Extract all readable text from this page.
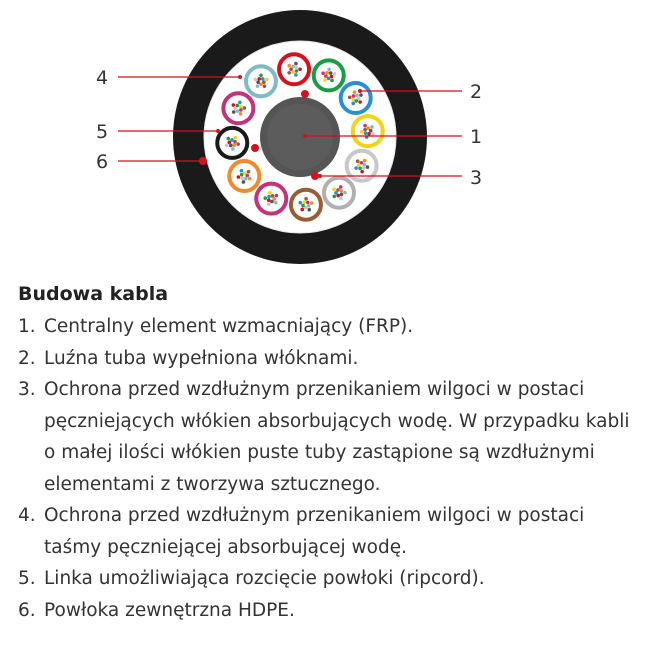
4
5
6
2
1
3
Budowa kabla
1. Centralny element wzmacniający (FRP).
2. Luźna tuba wypełniona włóknami.
3. Ochrona przed wzdłużnym przenikaniem wilgoci w postaci pęczniejących włókien absorbujących wodę. W przypadku kabli o małej ilości włókien puste tuby zastąpione są wzdłużnymi elementami z tworzywa sztucznego.
4. Ochrona przed wzdłużnym przenikaniem wilgoci w postaci taśmy pęczniejącej absorbującej wodę.
5. Linka umożliwiająca rozcięcie powłoki (ripcord).
6. Powłoka zewnętrzna HDPE.
